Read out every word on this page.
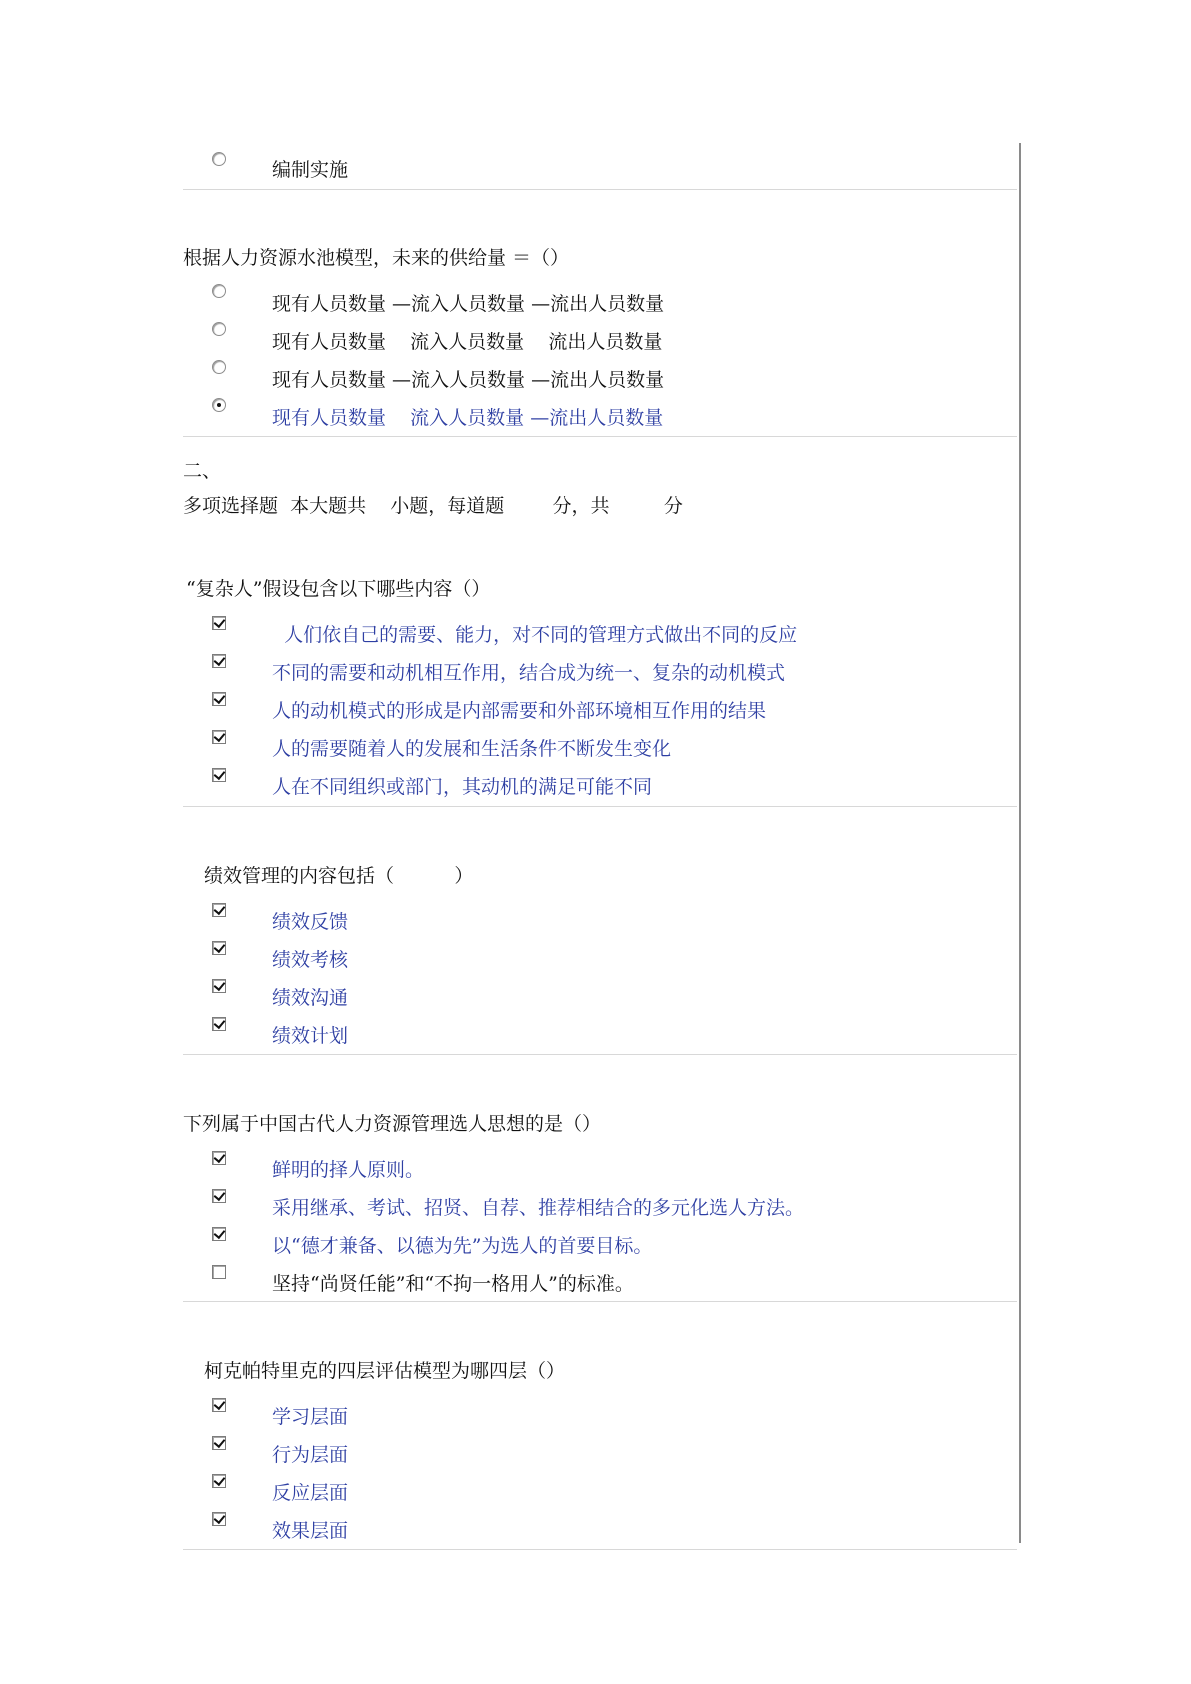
编制实施
根据人力资源水池模型，未来的供给量 ＝（）
现有人员数量 —流入人员数量 —流出人员数量
现有人员数量    流入人员数量    流出人员数量
现有人员数量 —流入人员数量 —流出人员数量
现有人员数量    流入人员数量 —流出人员数量
二、
多项选择题  本大题共    小题，每道题        分，共         分
“复杂人”假设包含以下哪些内容（）
人们依自己的需要、能力，对不同的管理方式做出不同的反应
不同的需要和动机相互作用，结合成为统一、复杂的动机模式
人的动机模式的形成是内部需要和外部环境相互作用的结果
人的需要随着人的发展和生活条件不断发生变化
人在不同组织或部门，其动机的满足可能不同
绩效管理的内容包括（          ）
绩效反馈
绩效考核
绩效沟通
绩效计划
下列属于中国古代人力资源管理选人思想的是（）
鲜明的择人原则。
采用继承、考试、招贤、自荐、推荐相结合的多元化选人方法。
以“德才兼备、以德为先”为选人的首要目标。
坚持“尚贤任能”和“不拘一格用人”的标准。
柯克帕特里克的四层评估模型为哪四层（）
学习层面
行为层面
反应层面
效果层面
